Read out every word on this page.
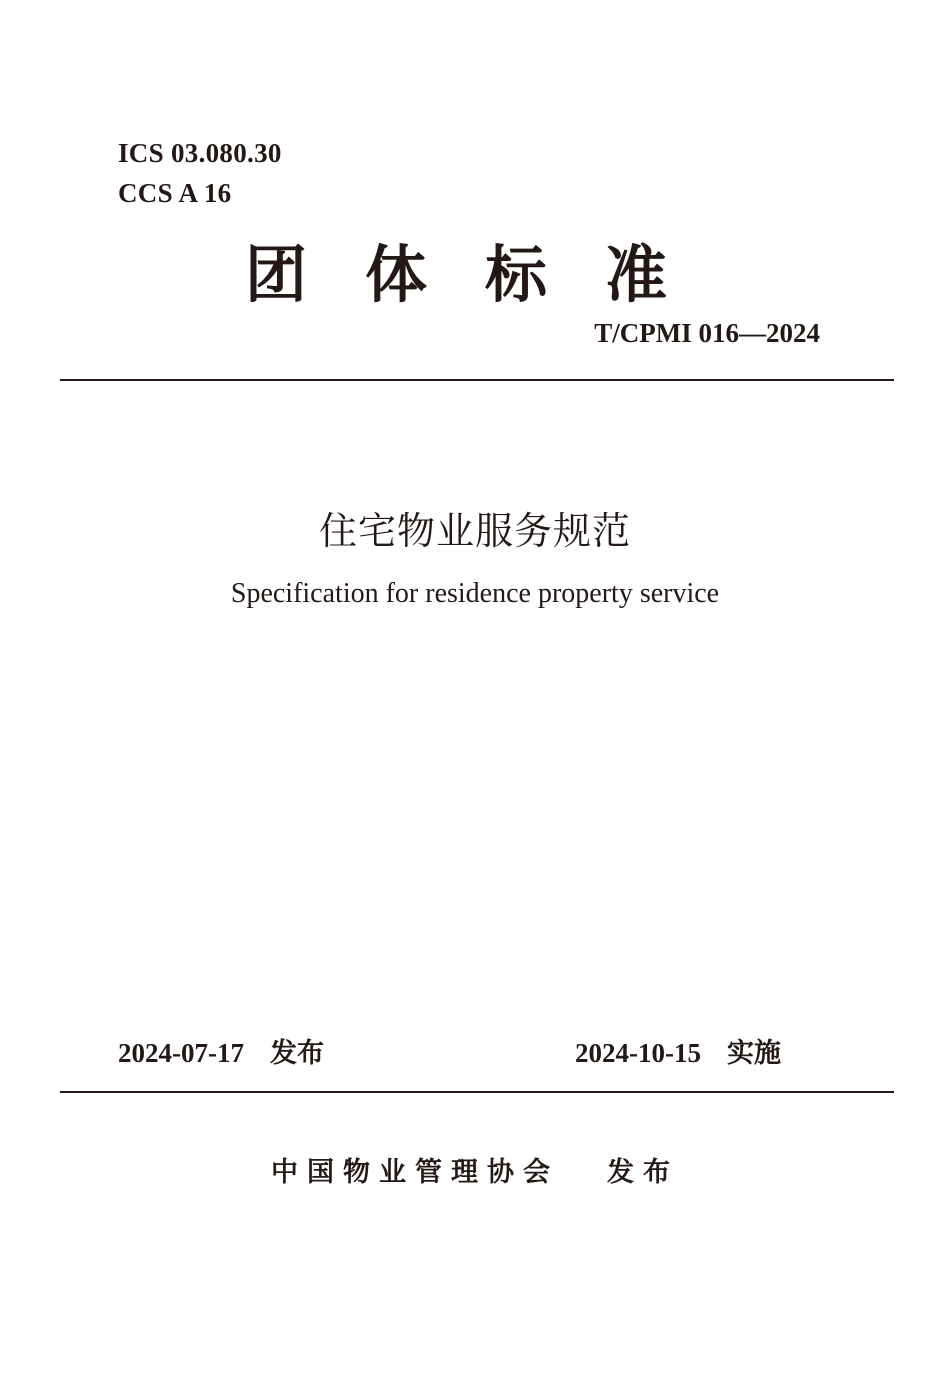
ICS 03.080.30
CCS A 16
团体标准
T/CPMI 016—2024
住宅物业服务规范
Specification for residence property service
2024-07-17 发布	2024-10-15 实施
中国物业管理协会 发布
